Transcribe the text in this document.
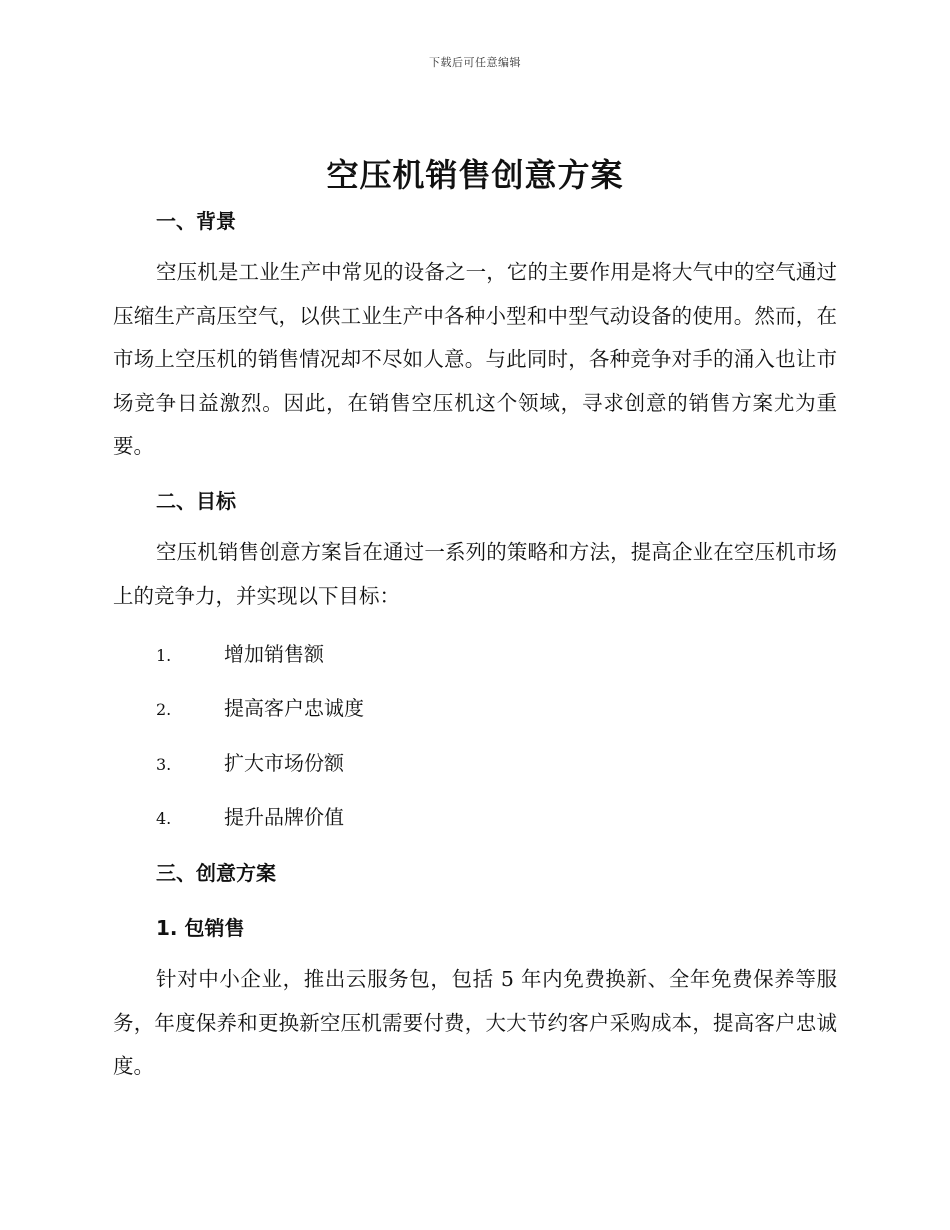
下载后可任意编辑
空压机销售创意方案
一、背景

空压机是工业生产中常见的设备之一，它的主要作用是将大气中的空气通过压缩生产高压空气，以供工业生产中各种小型和中型气动设备的使用。然而，在市场上空压机的销售情况却不尽如人意。与此同时，各种竞争对手的涌入也让市场竞争日益激烈。因此，在销售空压机这个领域，寻求创意的销售方案尤为重要。

二、目标

空压机销售创意方案旨在通过一系列的策略和方法，提高企业在空压机市场上的竞争力，并实现以下目标：

1.	增加销售额
2.	提高客户忠诚度
3.	扩大市场份额
4.	提升品牌价值
三、创意方案
1. 包销售

针对中小企业，推出云服务包，包括 5 年内免费换新、全年免费保养等服务，年度保养和更换新空压机需要付费，大大节约客户采购成本，提高客户忠诚度。
